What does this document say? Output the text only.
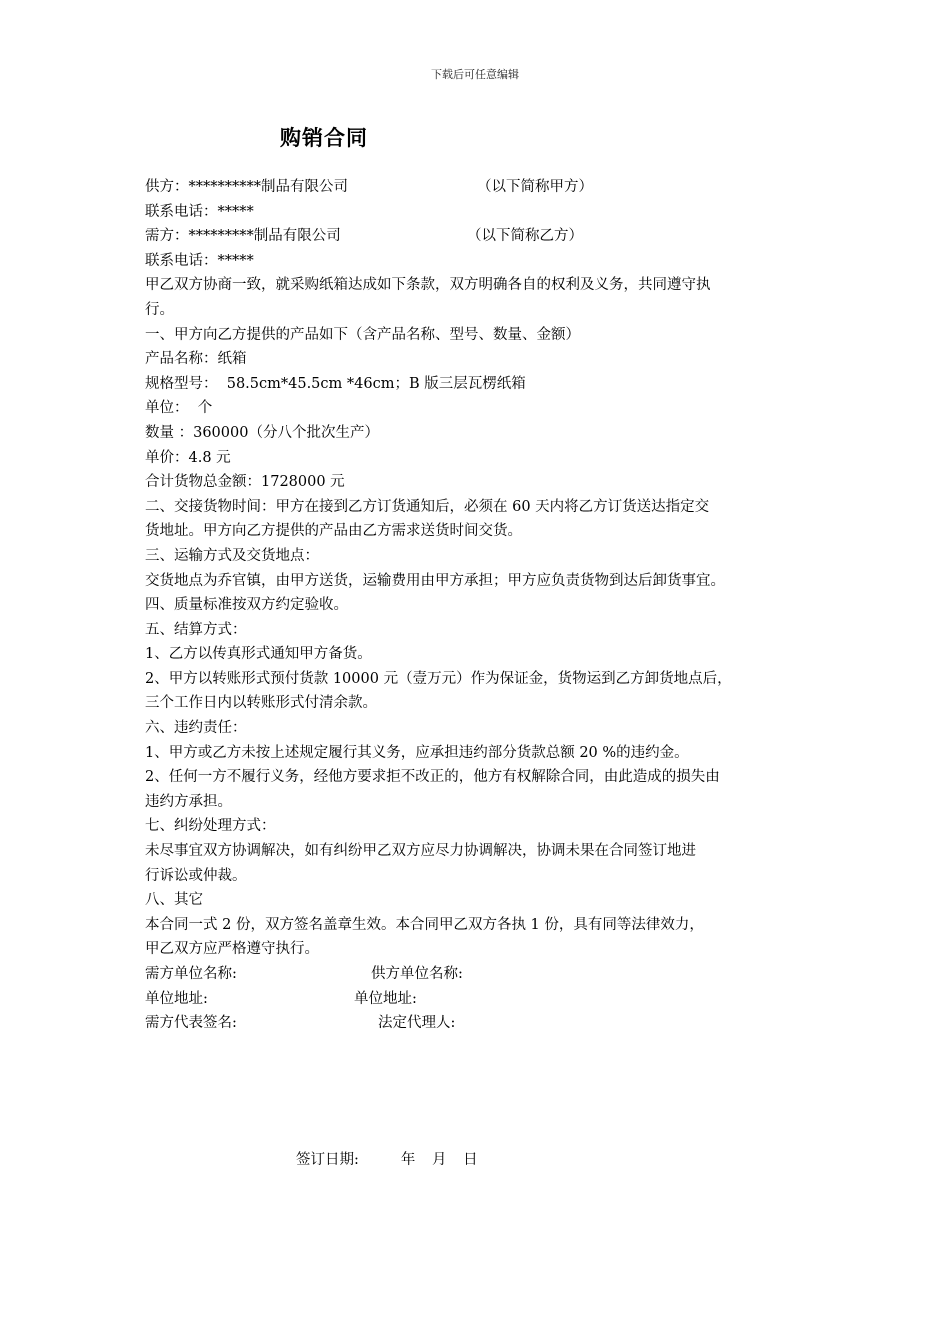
下载后可任意编辑
购销合同
供方：**********制品有限公司	（以下简称甲方）
联系电话：*****
需方：*********制品有限公司	（以下简称乙方）
联系电话：*****
甲乙双方协商一致，就采购纸箱达成如下条款，双方明确各自的权利及义务，共同遵守执
行。
一、甲方向乙方提供的产品如下（含产品名称、型号、数量、金额）
产品名称：纸箱
规格型号：  58.5cm*45.5cm *46cm；B 版三层瓦楞纸箱
单位：  个
数量 ：360000（分八个批次生产）
单价：4.8 元
合计货物总金额：1728000 元
二、交接货物时间：甲方在接到乙方订货通知后，必须在 60 天内将乙方订货送达指定交
货地址。甲方向乙方提供的产品由乙方需求送货时间交货。
三、运输方式及交货地点：
交货地点为乔官镇，由甲方送货，运输费用由甲方承担；甲方应负责货物到达后卸货事宜。
四、质量标准按双方约定验收。
五、结算方式：
1、乙方以传真形式通知甲方备货。
2、甲方以转账形式预付货款 10000 元（壹万元）作为保证金，货物运到乙方卸货地点后，
三个工作日内以转账形式付清余款。
六、违约责任：
1、甲方或乙方未按上述规定履行其义务，应承担违约部分货款总额 20 %的违约金。
2、任何一方不履行义务，经他方要求拒不改正的，他方有权解除合同，由此造成的损失由
违约方承担。
七、纠纷处理方式：
未尽事宜双方协调解决，如有纠纷甲乙双方应尽力协调解决，协调未果在合同签订地进
行诉讼或仲裁。
八、其它
本合同一式 2 份，双方签名盖章生效。本合同甲乙双方各执 1 份，具有同等法律效力，
甲乙双方应严格遵守执行。
需方单位名称:	供方单位名称:
单位地址:	单位地址:
需方代表签名:	法定代理人:
签订日期:	年 月 日
